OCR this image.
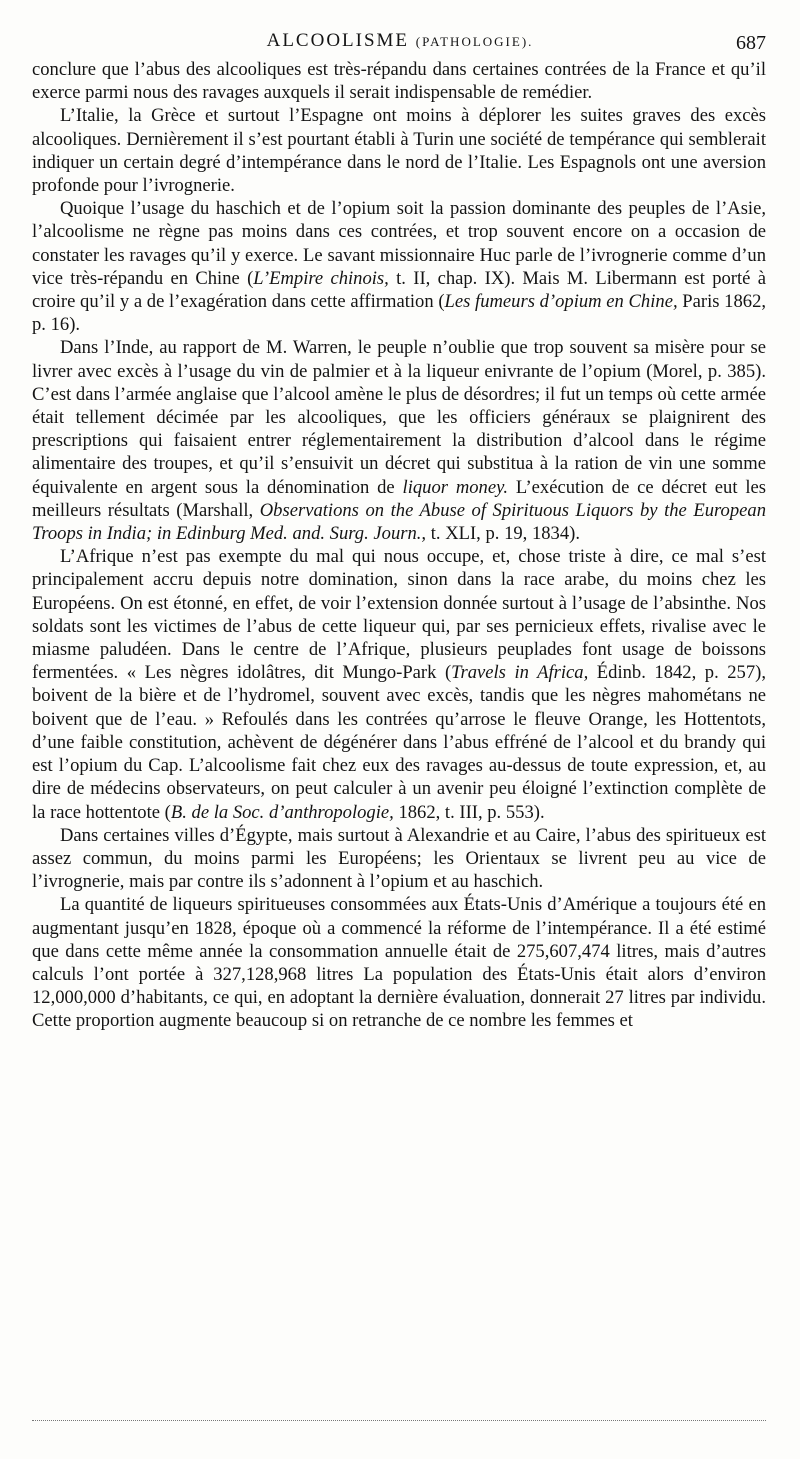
ALCOOLISME (PATHOLOGIE).	687

conclure que l’abus des alcooliques est très-répandu dans certaines contrées de la France et qu’il exerce parmi nous des ravages auxquels il serait indispensable de remédier.

L’Italie, la Grèce et surtout l’Espagne ont moins à déplorer les suites graves des excès alcooliques. Dernièrement il s’est pourtant établi à Turin une société de tempérance qui semblerait indiquer un certain degré d’intempérance dans le nord de l’Italie. Les Espagnols ont une aversion profonde pour l’ivrognerie.

Quoique l’usage du haschich et de l’opium soit la passion dominante des peuples de l’Asie, l’alcoolisme ne règne pas moins dans ces contrées, et trop souvent encore on a occasion de constater les ravages qu’il y exerce. Le savant missionnaire Huc parle de l’ivrognerie comme d’un vice très-répandu en Chine (L’Empire chinois, t. II, chap. IX). Mais M. Libermann est porté à croire qu’il y a de l’exagération dans cette affirmation (Les fumeurs d’opium en Chine, Paris 1862, p. 16).

Dans l’Inde, au rapport de M. Warren, le peuple n’oublie que trop souvent sa misère pour se livrer avec excès à l’usage du vin de palmier et à la liqueur enivrante de l’opium (Morel, p. 385). C’est dans l’armée anglaise que l’alcool amène le plus de désordres; il fut un temps où cette armée était tellement décimée par les alcooliques, que les officiers généraux se plaignirent des prescriptions qui faisaient entrer réglementairement la distribution d’alcool dans le régime alimentaire des troupes, et qu’il s’ensuivit un décret qui substitua à la ration de vin une somme équivalente en argent sous la dénomination de liquor money. L’exécution de ce décret eut les meilleurs résultats (Marshall, Observations on the Abuse of Spirituous Liquors by the European Troops in India; in Edinburg Med. and. Surg. Journ., t. XLI, p. 19, 1834).

L’Afrique n’est pas exempte du mal qui nous occupe, et, chose triste à dire, ce mal s’est principalement accru depuis notre domination, sinon dans la race arabe, du moins chez les Européens. On est étonné, en effet, de voir l’extension donnée surtout à l’usage de l’absinthe. Nos soldats sont les victimes de l’abus de cette liqueur qui, par ses pernicieux effets, rivalise avec le miasme paludéen. Dans le centre de l’Afrique, plusieurs peuplades font usage de boissons fermentées. « Les nègres idolâtres, dit Mungo-Park (Travels in Africa, Édinb. 1842, p. 257), boivent de la bière et de l’hydromel, souvent avec excès, tandis que les nègres mahométans ne boivent que de l’eau. » Refoulés dans les contrées qu’arrose le fleuve Orange, les Hottentots, d’une faible constitution, achèvent de dégénérer dans l’abus effréné de l’alcool et du brandy qui est l’opium du Cap. L’alcoolisme fait chez eux des ravages au-dessus de toute expression, et, au dire de médecins observateurs, on peut calculer à un avenir peu éloigné l’extinction complète de la race hottentote (B. de la Soc. d’anthropologie, 1862, t. III, p. 553).

Dans certaines villes d’Égypte, mais surtout à Alexandrie et au Caire, l’abus des spiritueux est assez commun, du moins parmi les Européens; les Orientaux se livrent peu au vice de l’ivrognerie, mais par contre ils s’adonnent à l’opium et au haschich.

La quantité de liqueurs spiritueuses consommées aux États-Unis d’Amérique a toujours été en augmentant jusqu’en 1828, époque où a commencé la réforme de l’intempérance. Il a été estimé que dans cette même année la consommation annuelle était de 275,607,474 litres, mais d’autres calculs l’ont portée à 327,128,968 litres La population des États-Unis était alors d’environ 12,000,000 d’habitants, ce qui, en adoptant la dernière évaluation, donnerait 27 litres par individu. Cette proportion augmente beaucoup si on retranche de ce nombre les femmes et
